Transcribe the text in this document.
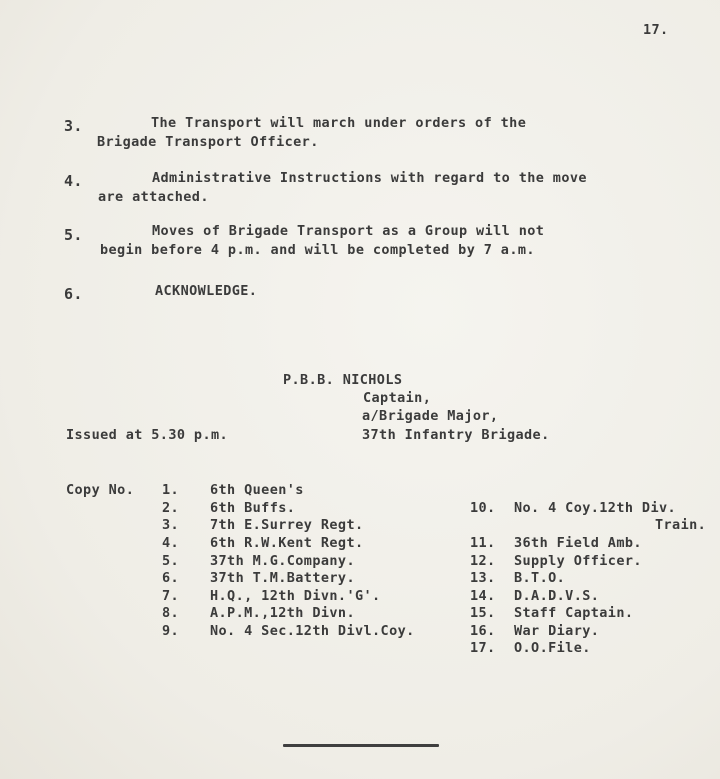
17.
3.	The Transport will march under orders of the
Brigade Transport Officer.
4.	Administrative Instructions with regard to the move
are attached.
5.	Moves of Brigade Transport as a Group will not
begin before 4 p.m. and will be completed by 7 a.m.
6.	ACKNOWLEDGE.
P.B.B. NICHOLS
Captain,
a/Brigade Major,
37th Infantry Brigade.
Issued at 5.30 p.m.
Copy No. 1. 6th Queen's
2. 6th Buffs.
3. 7th E.Surrey Regt.
4. 6th R.W.Kent Regt.
5. 37th M.G.Company.
6. 37th T.M.Battery.
7. H.Q., 12th Divn.'G'.
8. A.P.M.,12th Divn.
9. No. 4 Sec.12th Divl.Coy.
10. No. 4 Coy.12th Div.
Train.
11. 36th Field Amb.
12. Supply Officer.
13. B.T.O.
14. D.A.D.V.S.
15. Staff Captain.
16. War Diary.
17. O.O.File.
